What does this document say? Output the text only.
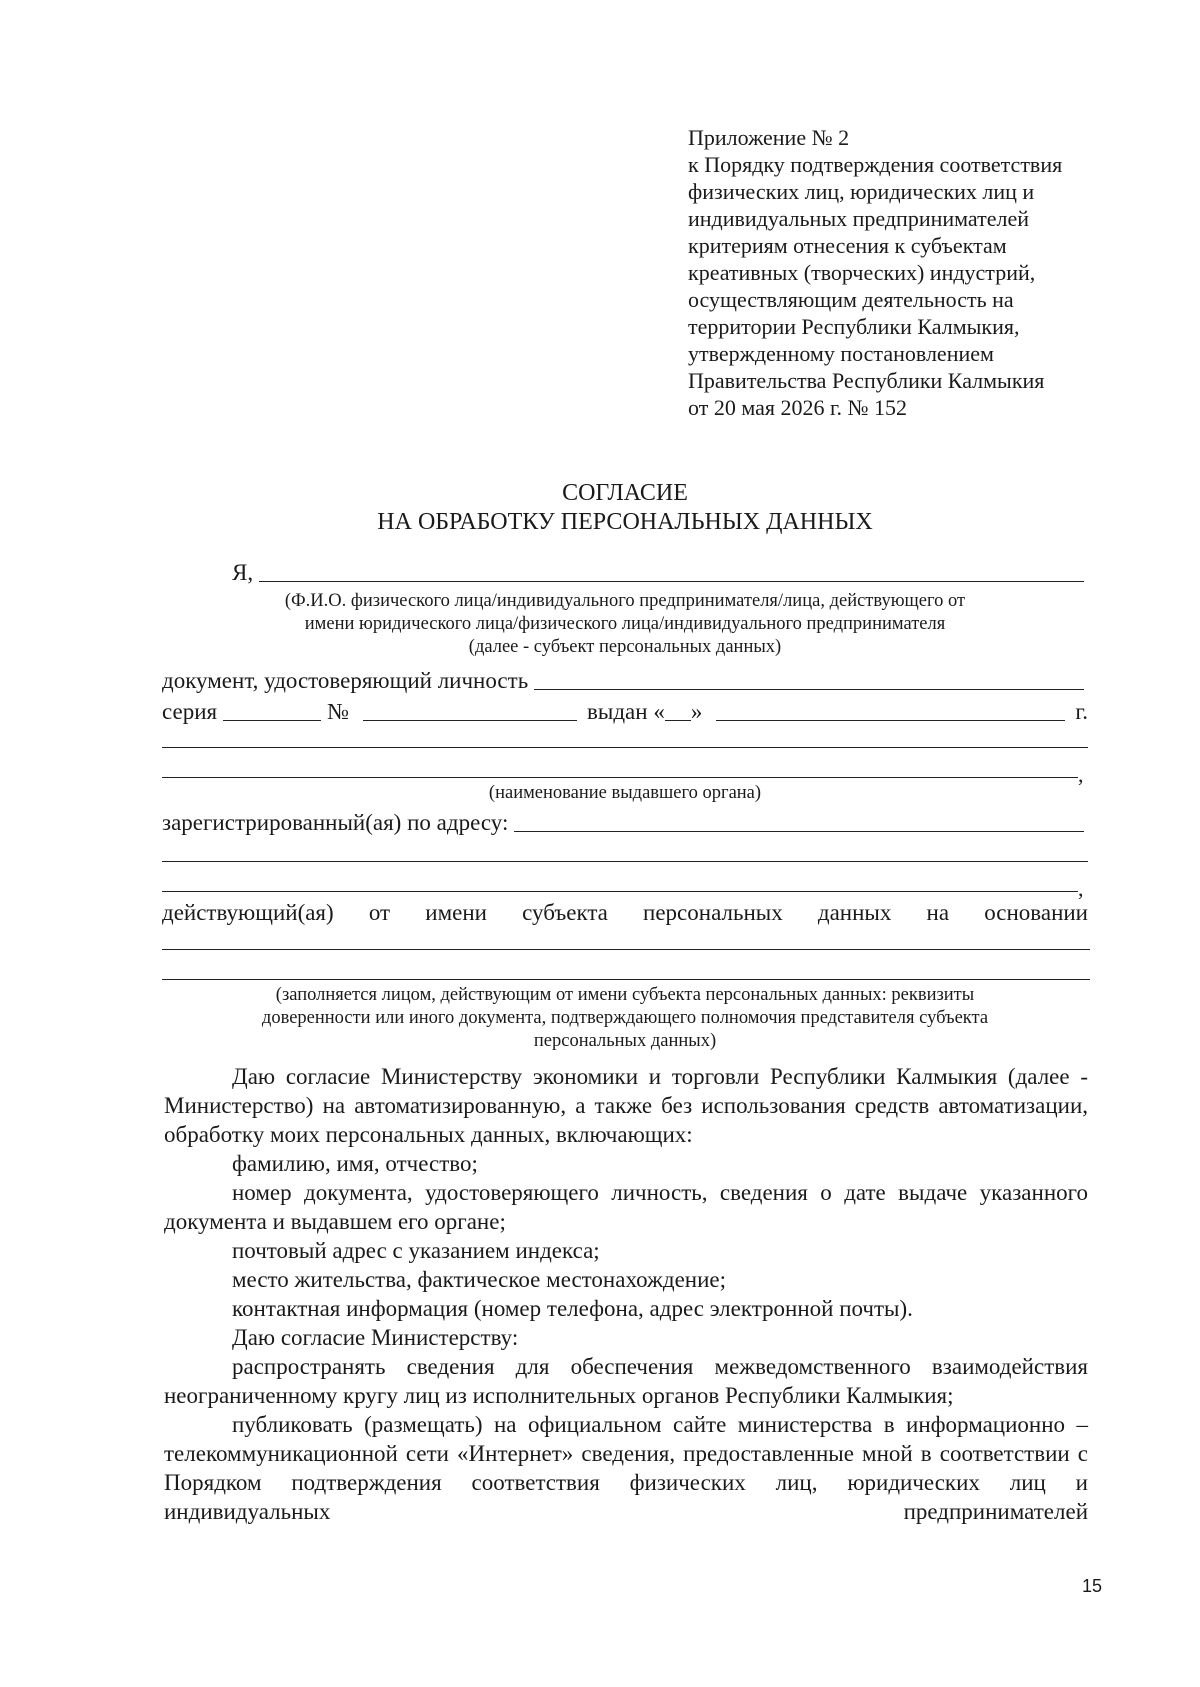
Приложение № 2
к Порядку подтверждения соответствия
физических лиц, юридических лиц и
индивидуальных предпринимателей
критериям отнесения к субъектам
креативных (творческих) индустрий,
осуществляющим деятельность на
территории Республики Калмыкия,
утвержденному постановлением
Правительства Республики Калмыкия
от 20 мая 2026 г. № 152
СОГЛАСИЕ
НА ОБРАБОТКУ ПЕРСОНАЛЬНЫХ ДАННЫХ
Я,
(Ф.И.О. физического лица/индивидуального предпринимателя/лица, действующего от
имени юридического лица/физического лица/индивидуального предпринимателя
(далее - субъект персональных данных)
документ, удостоверяющий личность
серия	№	выдан « »	г.
,
(наименование выдавшего органа)
зарегистрированный(ая) по адресу:
,
действующий(ая) от имени субъекта персональных данных на основании
(заполняется лицом, действующим от имени субъекта персональных данных: реквизиты
доверенности или иного документа, подтверждающего полномочия представителя субъекта
персональных данных)

Даю согласие Министерству экономики и торговли Республики Калмыкия (далее - Министерство) на автоматизированную, а также без использования средств автоматизации, обработку моих персональных данных, включающих:

фамилию, имя, отчество;

номер документа, удостоверяющего личность, сведения о дате выдаче указанного документа и выдавшем его органе;

почтовый адрес с указанием индекса;

место жительства, фактическое местонахождение;

контактная информация (номер телефона, адрес электронной почты).

Даю согласие Министерству:

распространять сведения для обеспечения межведомственного взаимодействия неограниченному кругу лиц из исполнительных органов Республики Калмыкия;

публиковать (размещать) на официальном сайте министерства в информационно – телекоммуникационной сети «Интернет» сведения, предоставленные мной в соответствии с Порядком подтверждения соответствия физических лиц, юридических лиц и индивидуальных предпринимателей

15
